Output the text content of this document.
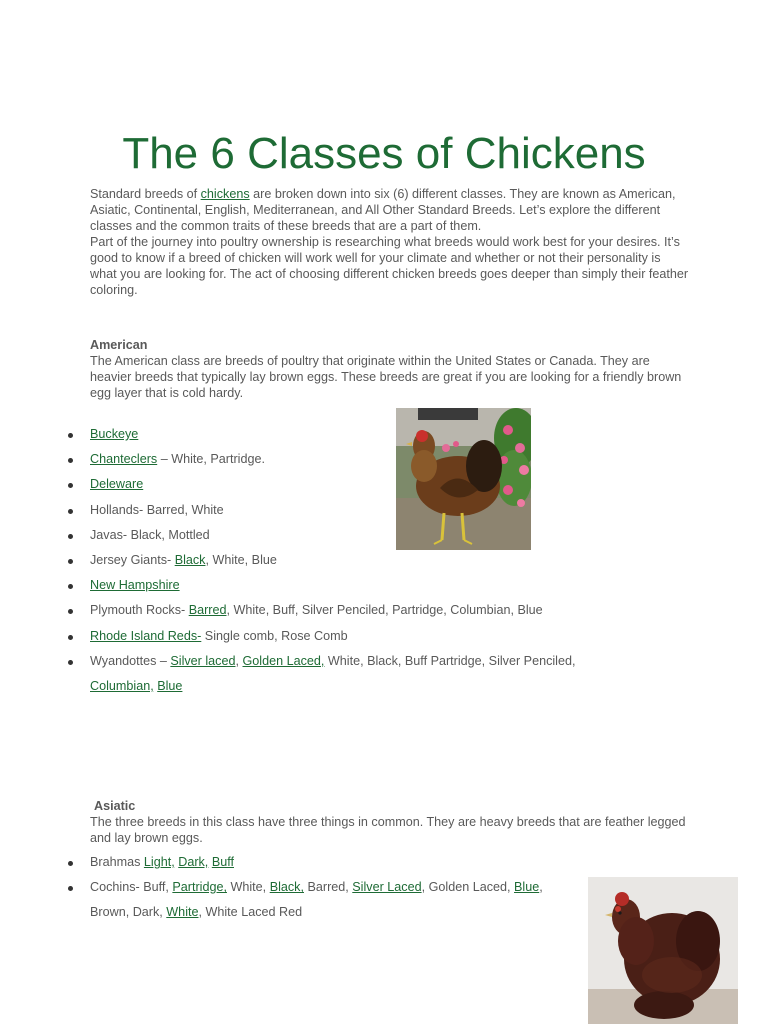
The 6 Classes of Chickens

Standard breeds of chickens are broken down into six (6) different classes. They are known as American, Asiatic, Continental, English, Mediterranean, and All Other Standard Breeds. Let’s explore the different classes and the common traits of these breeds that are a part of them.
Part of the journey into poultry ownership is researching what breeds would work best for your desires. It’s good to know if a breed of chicken will work well for your climate and whether or not their personality is what you are looking for. The act of choosing different chicken breeds goes deeper than simply their feather coloring.

American

The American class are breeds of poultry that originate within the United States or Canada. They are heavier breeds that typically lay brown eggs. These breeds are great if you are looking for a friendly brown egg layer that is cold hardy.

Buckeye
Chanteclers – White, Partridge.
Deleware
Hollands- Barred, White
Javas- Black, Mottled
Jersey Giants- Black, White, Blue
New Hampshire
Plymouth Rocks- Barred, White, Buff, Silver Penciled, Partridge, Columbian, Blue
Rhode Island Reds- Single comb, Rose Comb
Wyandottes – Silver laced, Golden Laced, White, Black, Buff Partridge, Silver Penciled, Columbian, Blue
Asiatic

The three breeds in this class have three things in common. They are heavy breeds that are feather legged and lay brown eggs.

Brahmas Light, Dark, Buff
Cochins- Buff, Partridge, White, Black, Barred, Silver Laced, Golden Laced, Blue, Brown, Dark, White, White Laced Red
